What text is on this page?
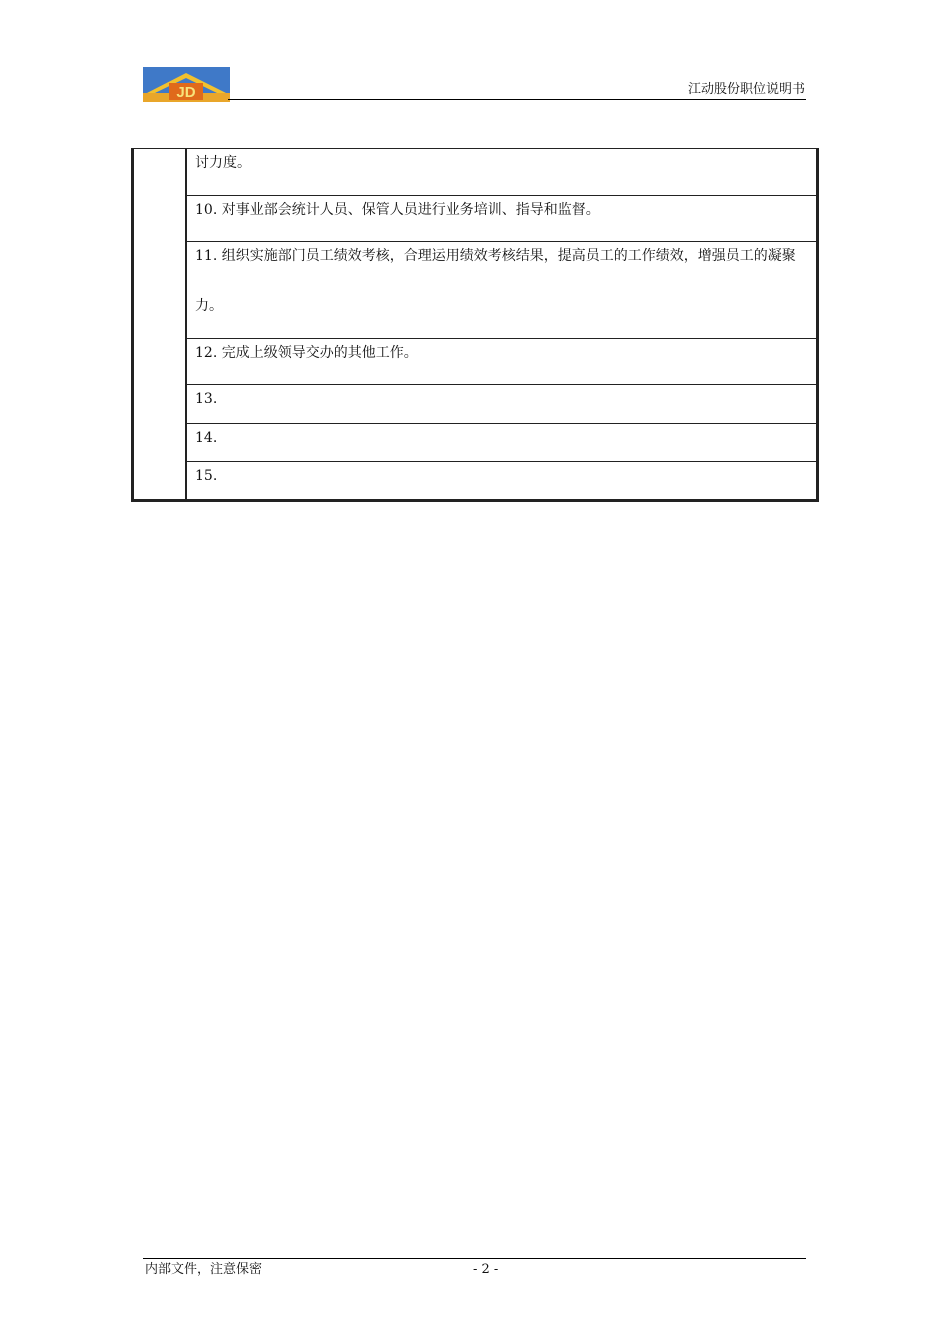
JD	江动股份职位说明书

讨力度。

10. 对事业部会统计人员、保管人员进行业务培训、指导和监督。

11. 组织实施部门员工绩效考核，合理运用绩效考核结果，提高员工的工作绩效，增强员工的凝聚力。

12. 完成上级领导交办的其他工作。

13.

14.

15.
内部文件，注意保密	- 2 -
